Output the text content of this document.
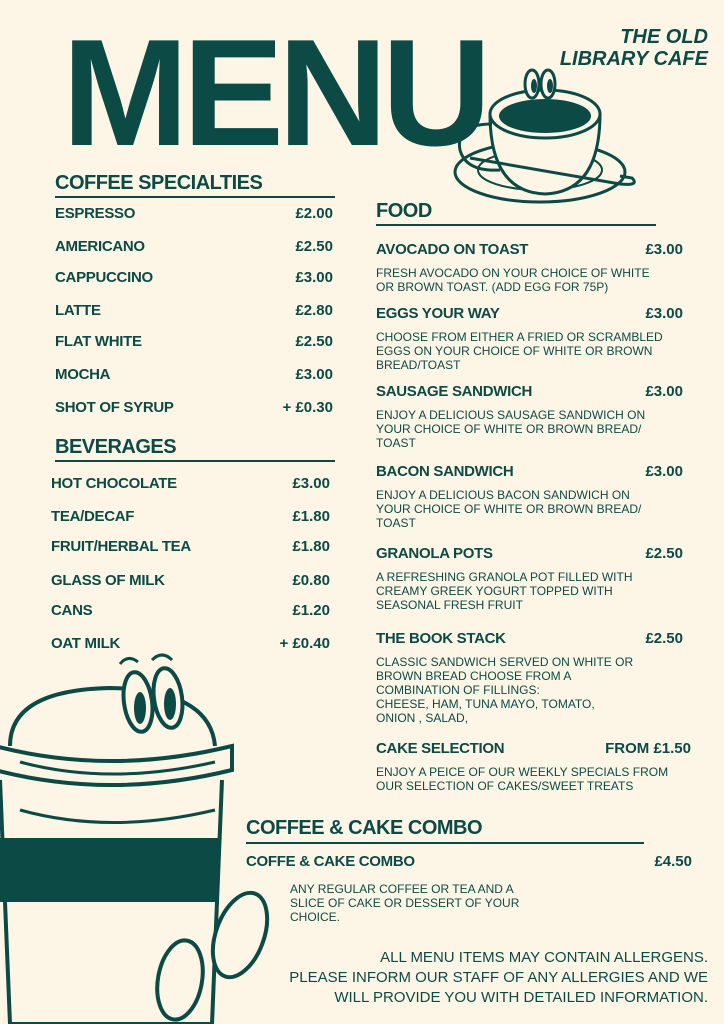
MENU	THE OLD
LIBRARY CAFE
COFFEE SPECIALTIES
ESPRESSO	£2.00
AMERICANO	£2.50
CAPPUCCINO	£3.00
LATTE	£2.80
FLAT WHITE	£2.50
MOCHA	£3.00
SHOT OF SYRUP	+ £0.30
BEVERAGES
HOT CHOCOLATE	£3.00
TEA/DECAF	£1.80
FRUIT/HERBAL TEA	£1.80
GLASS OF MILK	£0.80
CANS	£1.20
OAT MILK	+ £0.40
FOOD
AVOCADO ON TOAST	£3.00
FRESH AVOCADO ON YOUR CHOICE OF WHITE
OR BROWN TOAST. (ADD EGG FOR 75P)
EGGS YOUR WAY	£3.00
CHOOSE FROM EITHER A FRIED OR SCRAMBLED
EGGS ON YOUR CHOICE OF WHITE OR BROWN
BREAD/TOAST
SAUSAGE SANDWICH	£3.00
ENJOY A DELICIOUS SAUSAGE SANDWICH ON
YOUR CHOICE OF WHITE OR BROWN BREAD/
TOAST
BACON SANDWICH	£3.00
ENJOY A DELICIOUS BACON SANDWICH ON
YOUR CHOICE OF WHITE OR BROWN BREAD/
TOAST
GRANOLA POTS	£2.50
A REFRESHING GRANOLA POT FILLED WITH
CREAMY GREEK YOGURT TOPPED WITH
SEASONAL FRESH FRUIT
THE BOOK STACK	£2.50
CLASSIC SANDWICH SERVED ON WHITE OR
BROWN BREAD CHOOSE FROM A
COMBINATION OF FILLINGS:
CHEESE, HAM, TUNA MAYO, TOMATO,
ONION , SALAD,
CAKE SELECTION	FROM £1.50
ENJOY A PEICE OF OUR WEEKLY SPECIALS FROM
OUR SELECTION OF CAKES/SWEET TREATS
COFFEE & CAKE COMBO
COFFE & CAKE COMBO	£4.50
ANY REGULAR COFFEE OR TEA AND A
SLICE OF CAKE OR DESSERT OF YOUR
CHOICE.
ALL MENU ITEMS MAY CONTAIN ALLERGENS.
PLEASE INFORM OUR STAFF OF ANY ALLERGIES AND WE
WILL PROVIDE YOU WITH DETAILED INFORMATION.
